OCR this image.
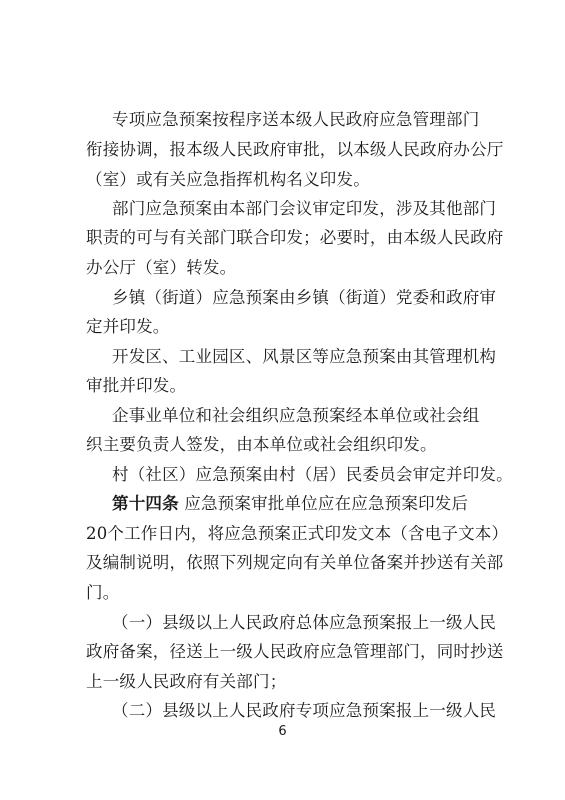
专项应急预案按程序送本级人民政府应急管理部门
衔接协调，报本级人民政府审批，以本级人民政府办公厅
（室）或有关应急指挥机构名义印发。
部门应急预案由本部门会议审定印发，涉及其他部门
职责的可与有关部门联合印发；必要时，由本级人民政府
办公厅（室）转发。
乡镇（街道）应急预案由乡镇（街道）党委和政府审
定并印发。
开发区、工业园区、风景区等应急预案由其管理机构
审批并印发。
企事业单位和社会组织应急预案经本单位或社会组
织主要负责人签发，由本单位或社会组织印发。
村（社区）应急预案由村（居）民委员会审定并印发。
第十四条 应急预案审批单位应在应急预案印发后
20个工作日内，将应急预案正式印发文本（含电子文本）
及编制说明，依照下列规定向有关单位备案并抄送有关部
门。
（一）县级以上人民政府总体应急预案报上一级人民
政府备案，径送上一级人民政府应急管理部门，同时抄送
上一级人民政府有关部门；
（二）县级以上人民政府专项应急预案报上一级人民
6
